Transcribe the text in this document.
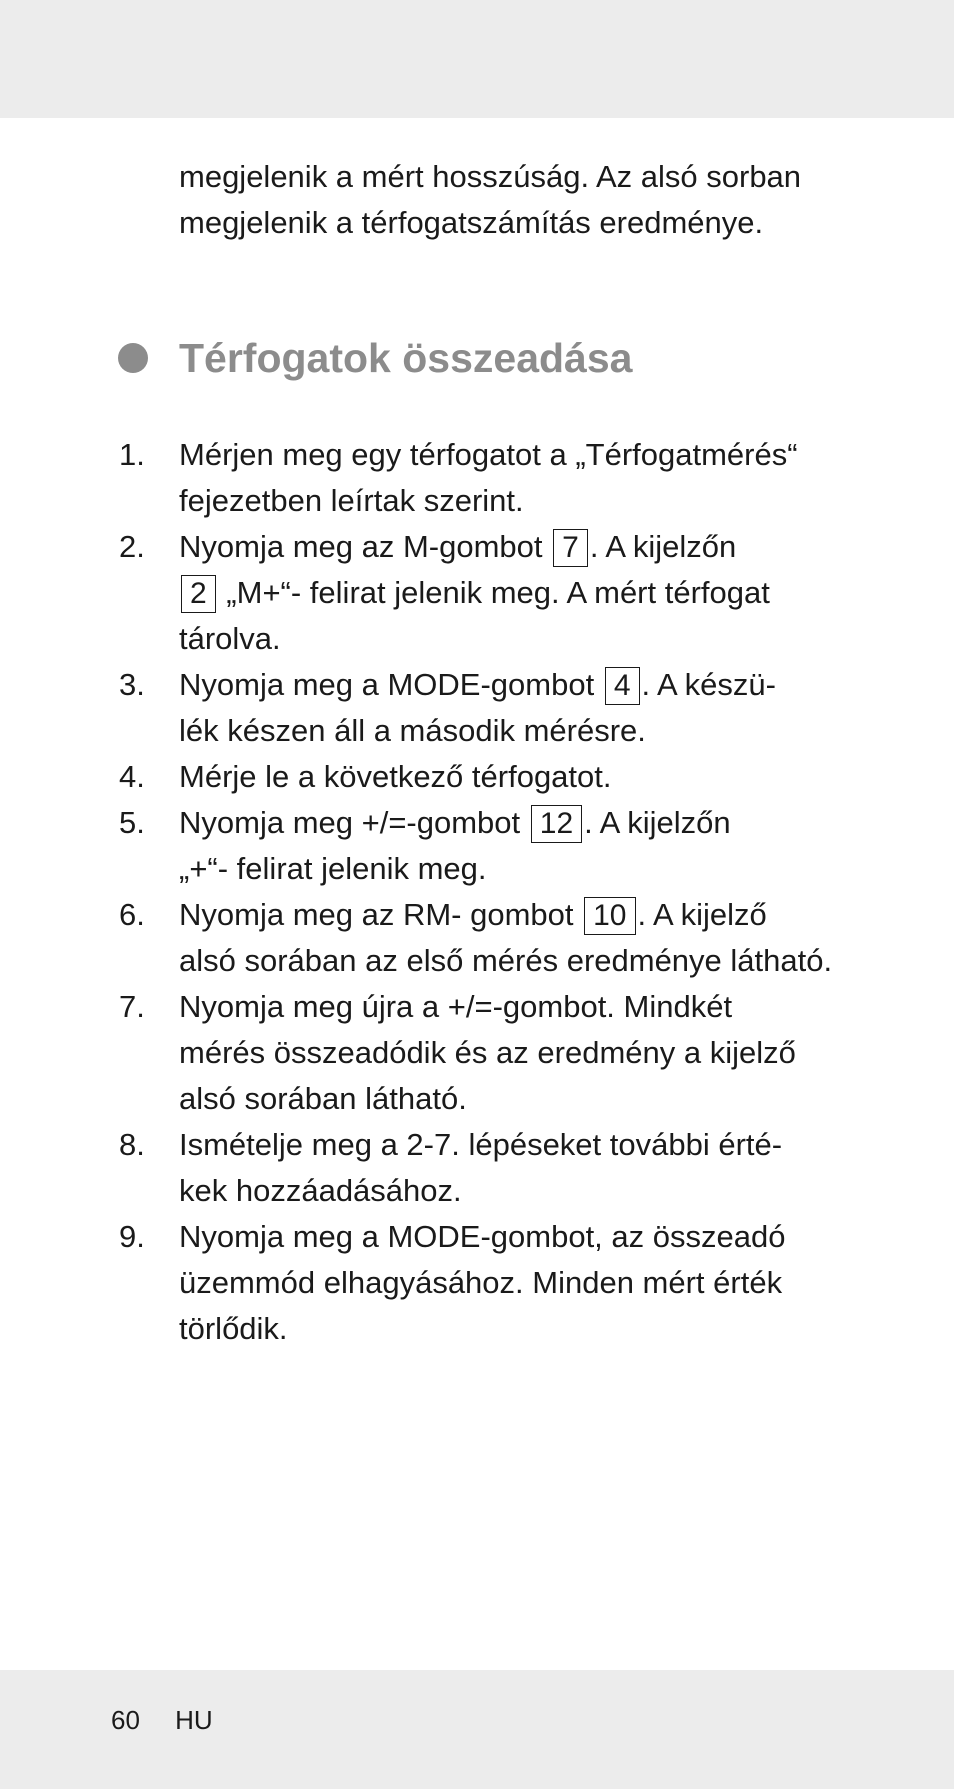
megjelenik a mért hosszúság. Az alsó sorban
megjelenik a térfogatszámítás eredménye.

Térfogatok összeadása
1. Mérjen meg egy térfogatot a „Térfogatmérés“
fejezetben leírtak szerint.
2. Nyomja meg az M-gombot 7 . A kijelzőn
2 „M+“- felirat jelenik meg. A mért térfogat
tárolva.
3. Nyomja meg a MODE-gombot 4 . A készü-
lék készen áll a második mérésre.
4. Mérje le a következő térfogatot.
5. Nyomja meg +/=-gombot 12 . A kijelzőn
„+“- felirat jelenik meg.
6. Nyomja meg az RM- gombot 10 . A kijelző
alsó sorában az első mérés eredménye látható.
7. Nyomja meg újra a +/=-gombot. Mindkét
mérés összeadódik és az eredmény a kijelző
alsó sorában látható.
8. Ismételje meg a 2-7. lépéseket további érté-
kek hozzáadásához.
9. Nyomja meg a MODE-gombot, az összeadó
üzemmód elhagyásához. Minden mért érték
törlődik.
60 HU
